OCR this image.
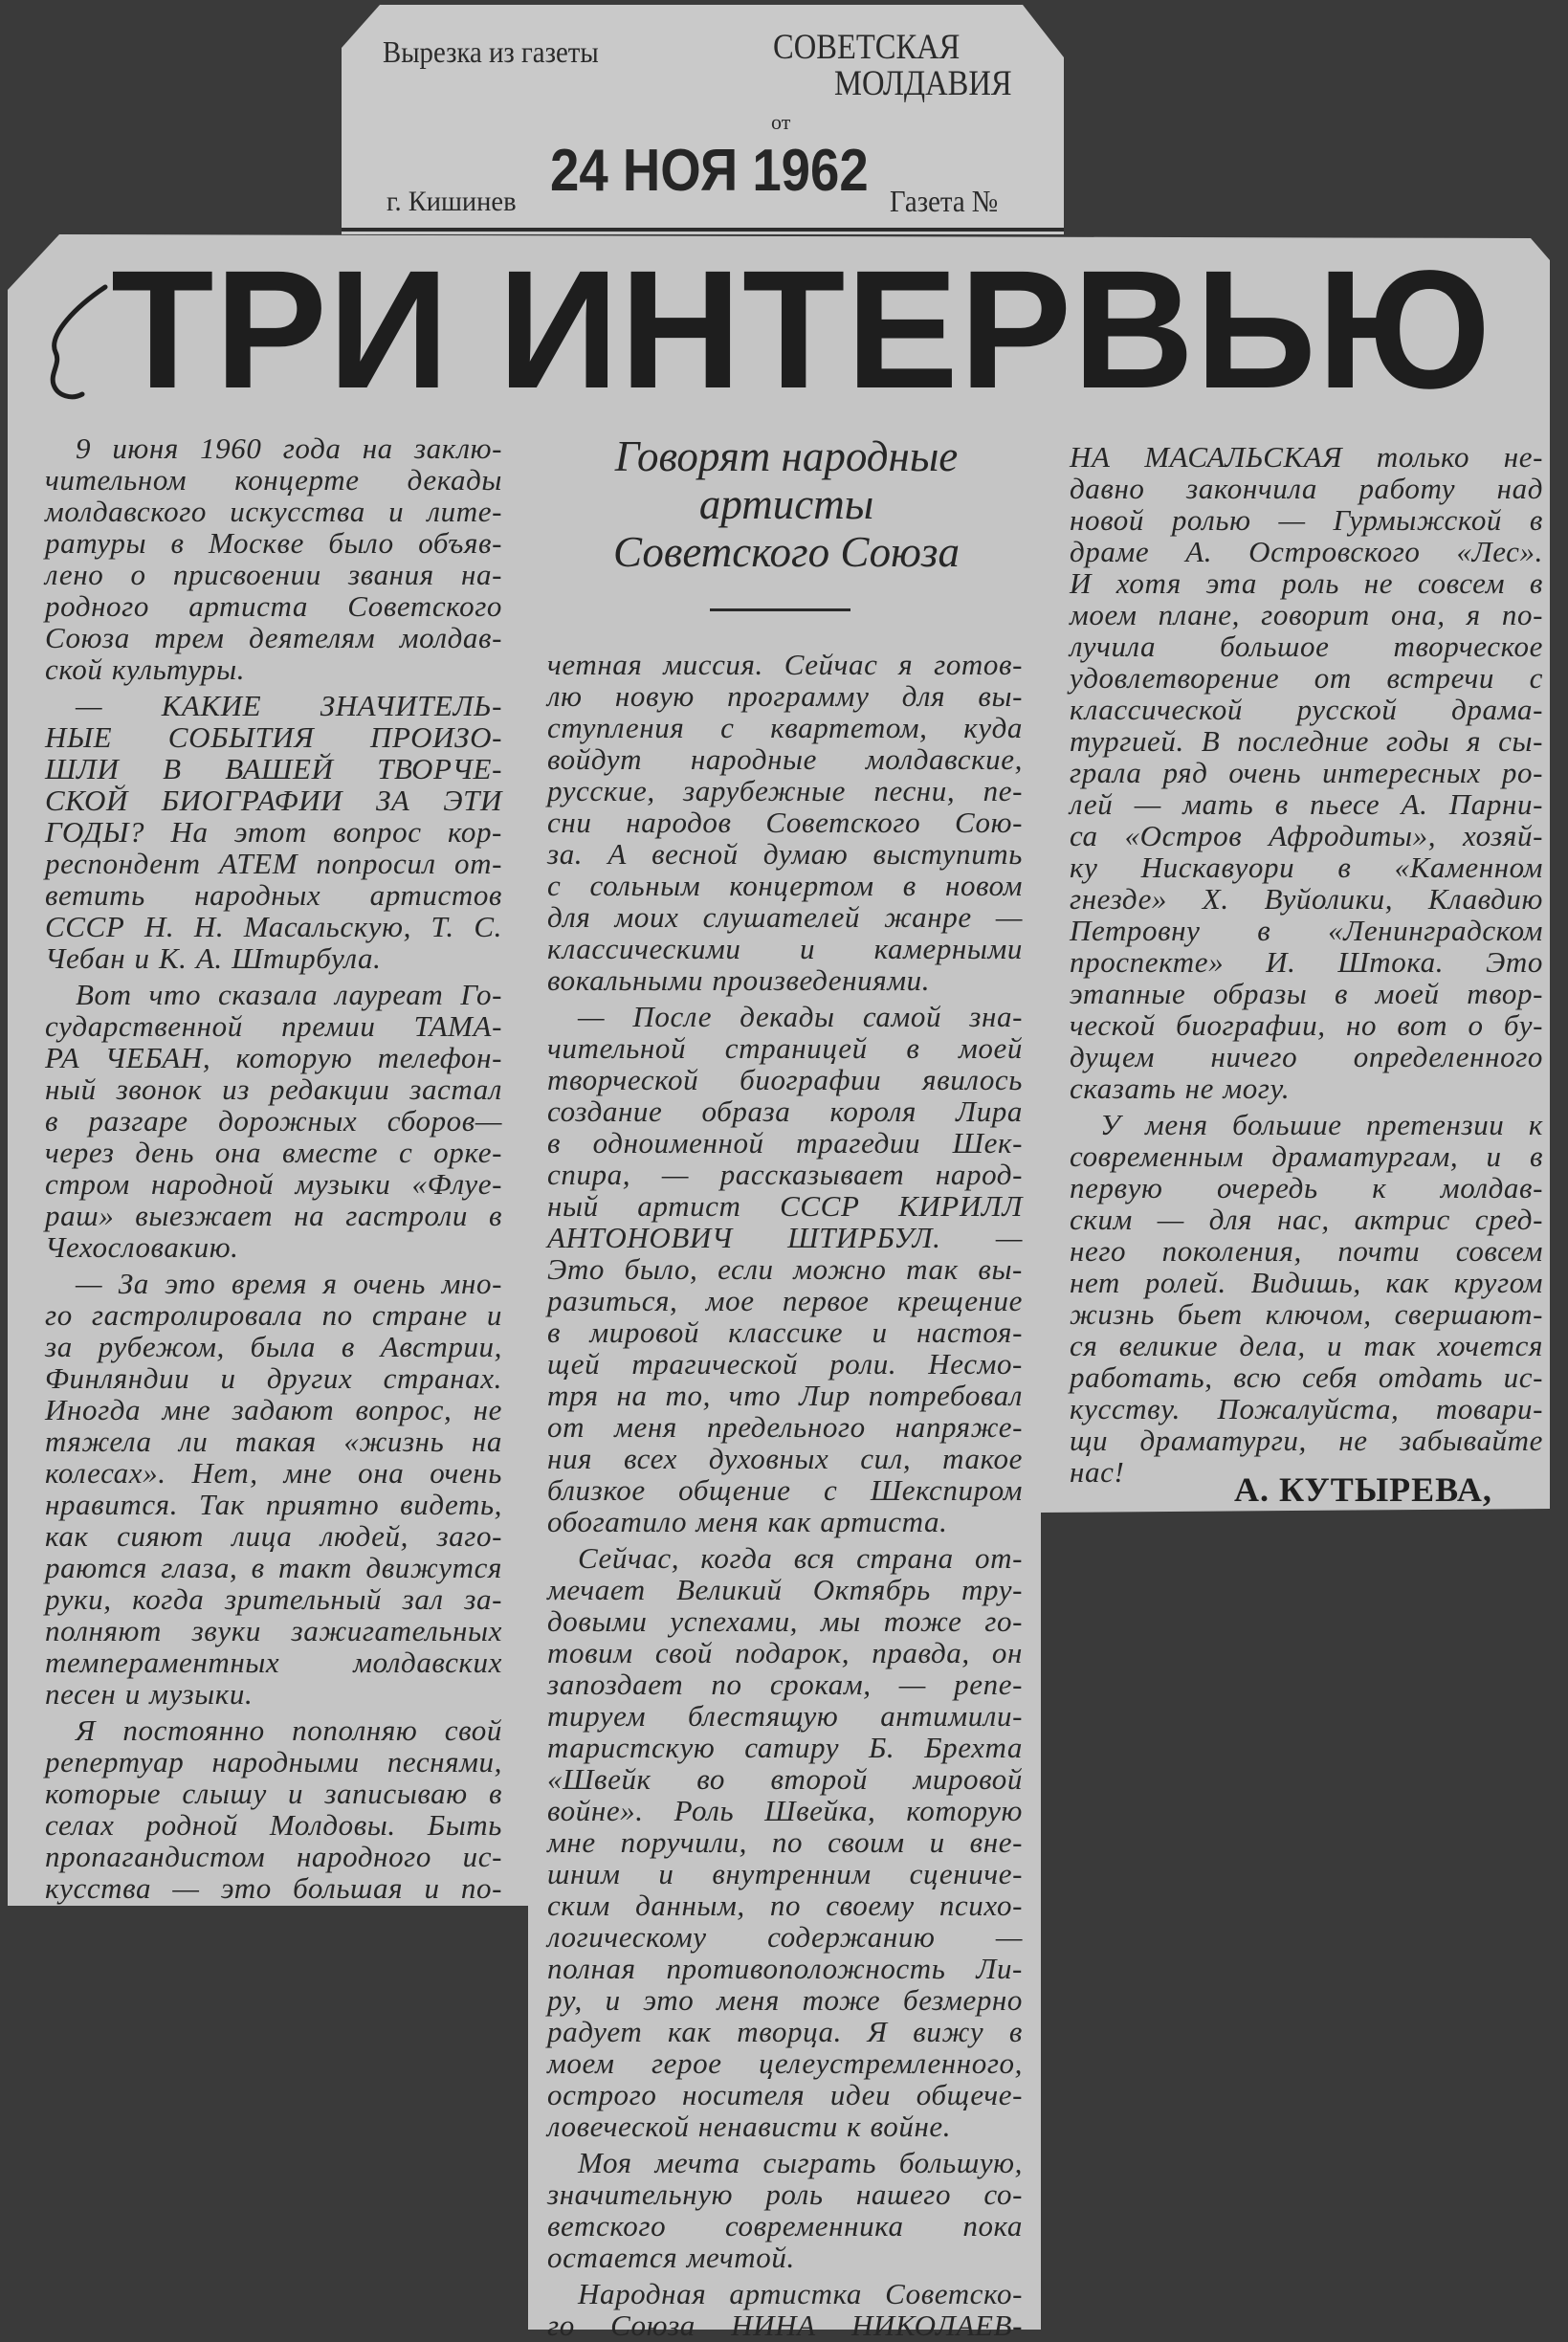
Вырезка из газеты	СОВЕТСКАЯ
МОЛДАВИЯ
г. Кишинев
от
Газета №
24 НОЯ 1962
ТРИ ИНТЕРВЬЮ
Говорят народные
артисты
Советского Союза
9 июня 1960 года на заклю-
чительном концерте декады
молдавского искусства и лите-
ратуры в Москве было объяв-
лено о присвоении звания на-
родного артиста Советского
Союза трем деятелям молдав-
ской культуры.
— КАКИЕ ЗНАЧИТЕЛЬ-
НЫЕ СОБЫТИЯ ПРОИЗО-
ШЛИ В ВАШЕЙ ТВОРЧЕ-
СКОЙ БИОГРАФИИ ЗА ЭТИ
ГОДЫ? На этот вопрос кор-
респондент АТЕМ попросил от-
ветить народных артистов
СССР Н. Н. Масальскую, Т. С.
Чебан и К. А. Штирбула.
Вот что сказала лауреат Го-
сударственной премии ТАМА-
РА ЧЕБАН, которую телефон-
ный звонок из редакции застал
в разгаре дорожных сборов—
через день она вместе с орке-
стром народной музыки «Флуе-
раш» выезжает на гастроли в
Чехословакию.
— За это время я очень мно-
го гастролировала по стране и
за рубежом, была в Австрии,
Финляндии и других странах.
Иногда мне задают вопрос, не
тяжела ли такая «жизнь на
колесах». Нет, мне она очень
нравится. Так приятно видеть,
как сияют лица людей, заго-
раются глаза, в такт движутся
руки, когда зрительный зал за-
полняют звуки зажигательных
темпераментных молдавских
песен и музыки.
Я постоянно пополняю свой
репертуар народными песнями,
которые слышу и записываю в
селах родной Молдовы. Быть
пропагандистом народного ис-
кусства — это большая и по-
четная миссия. Сейчас я готов-
лю новую программу для вы-
ступления с квартетом, куда
войдут народные молдавские,
русские, зарубежные песни, пе-
сни народов Советского Сою-
за. А весной думаю выступить
с сольным концертом в новом
для моих слушателей жанре —
классическими и камерными
вокальными произведениями.
— После декады самой зна-
чительной страницей в моей
творческой биографии явилось
создание образа короля Лира
в одноименной трагедии Шек-
спира, — рассказывает народ-
ный артист СССР КИРИЛЛ
АНТОНОВИЧ ШТИРБУЛ. —
Это было, если можно так вы-
разиться, мое первое крещение
в мировой классике и настоя-
щей трагической роли. Несмо-
тря на то, что Лир потребовал
от меня предельного напряже-
ния всех духовных сил, такое
близкое общение с Шекспиром
обогатило меня как артиста.
Сейчас, когда вся страна от-
мечает Великий Октябрь тру-
довыми успехами, мы тоже го-
товим свой подарок, правда, он
запоздает по срокам, — репе-
тируем блестящую антимили-
таристскую сатиру Б. Брехта
«Швейк во второй мировой
войне». Роль Швейка, которую
мне поручили, по своим и вне-
шним и внутренним сцениче-
ским данным, по своему психо-
логическому содержанию —
полная противоположность Ли-
ру, и это меня тоже безмерно
радует как творца. Я вижу в
моем герое целеустремленного,
острого носителя идеи общече-
ловеческой ненависти к войне.
Моя мечта сыграть большую,
значительную роль нашего со-
ветского современника пока
остается мечтой.
Народная артистка Советско-
го Союза НИНА НИКОЛАЕВ-
НА МАСАЛЬСКАЯ только не-
давно закончила работу над
новой ролью — Гурмыжской в
драме А. Островского «Лес».
И хотя эта роль не совсем в
моем плане, говорит она, я по-
лучила большое творческое
удовлетворение от встречи с
классической русской драма-
тургией. В последние годы я сы-
грала ряд очень интересных ро-
лей — мать в пьесе А. Парни-
са «Остров Афродиты», хозяй-
ку Нискавуори в «Каменном
гнезде» Х. Вуйолики, Клавдию
Петровну в «Ленинградском
проспекте» И. Штока. Это
этапные образы в моей твор-
ческой биографии, но вот о бу-
дущем ничего определенного
сказать не могу.
У меня большие претензии к
современным драматургам, и в
первую очередь к молдав-
ским — для нас, актрис сред-
него поколения, почти совсем
нет ролей. Видишь, как кругом
жизнь бьет ключом, свершают-
ся великие дела, и так хочется
работать, всю себя отдать ис-
кусству. Пожалуйста, товари-
щи драматурги, не забывайте
нас!	А. КУТЫРЕВА,
